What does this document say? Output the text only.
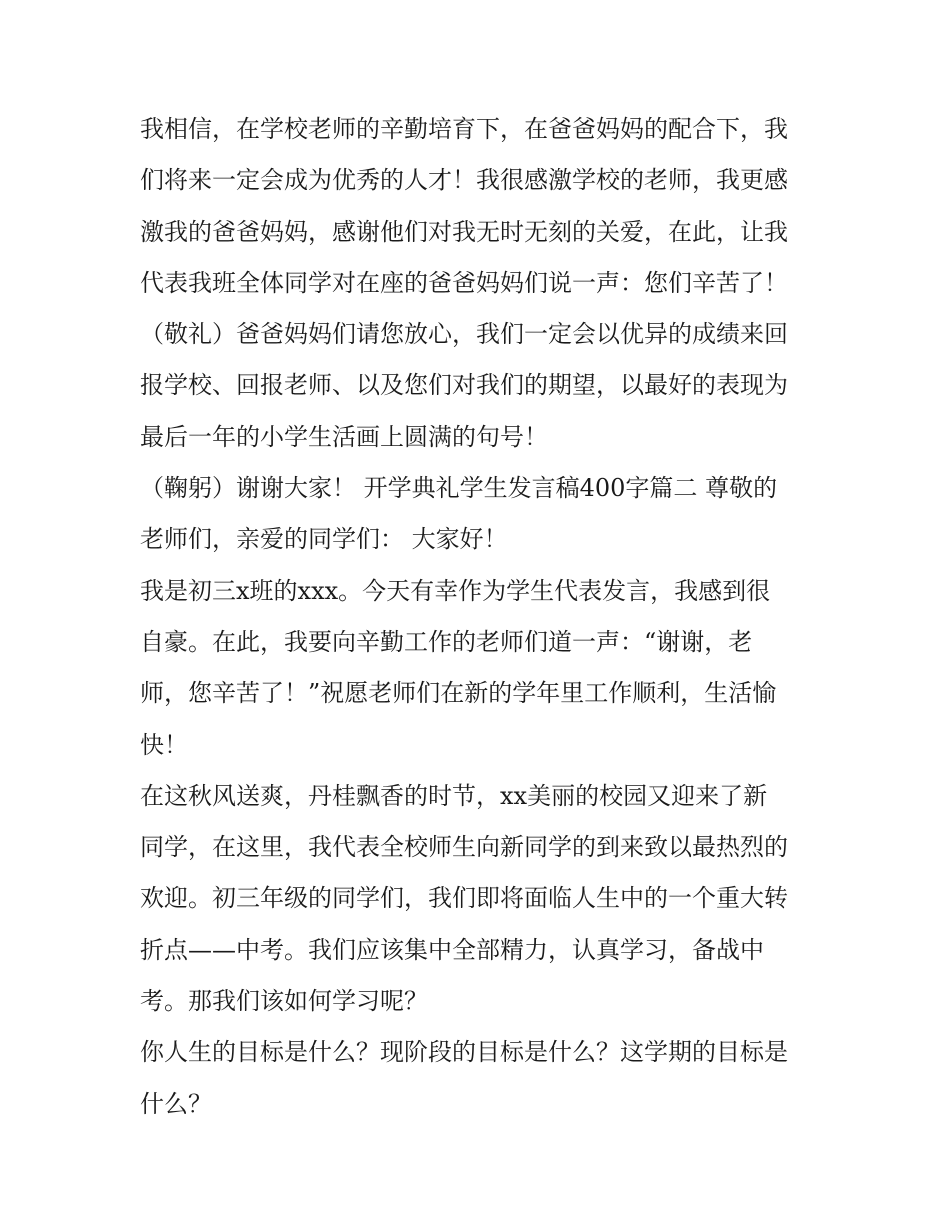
我相信，在学校老师的辛勤培育下，在爸爸妈妈的配合下，我
们将来一定会成为优秀的人才！我很感激学校的老师，我更感
激我的爸爸妈妈，感谢他们对我无时无刻的关爱，在此，让我
代表我班全体同学对在座的爸爸妈妈们说一声：您们辛苦了！
（敬礼）爸爸妈妈们请您放心，我们一定会以优异的成绩来回
报学校、回报老师、以及您们对我们的期望，以最好的表现为
最后一年的小学生活画上圆满的句号！
（鞠躬）谢谢大家！ 开学典礼学生发言稿400字篇二 尊敬的
老师们，亲爱的同学们： 大家好！
我是初三x班的xxx。今天有幸作为学生代表发言，我感到很
自豪。在此，我要向辛勤工作的老师们道一声：“谢谢，老
师，您辛苦了！”祝愿老师们在新的学年里工作顺利，生活愉
快！
在这秋风送爽，丹桂飘香的时节，xx美丽的校园又迎来了新
同学，在这里，我代表全校师生向新同学的到来致以最热烈的
欢迎。初三年级的同学们，我们即将面临人生中的一个重大转
折点——中考。我们应该集中全部精力，认真学习，备战中
考。那我们该如何学习呢？
你人生的目标是什么？现阶段的目标是什么？这学期的目标是
什么？
